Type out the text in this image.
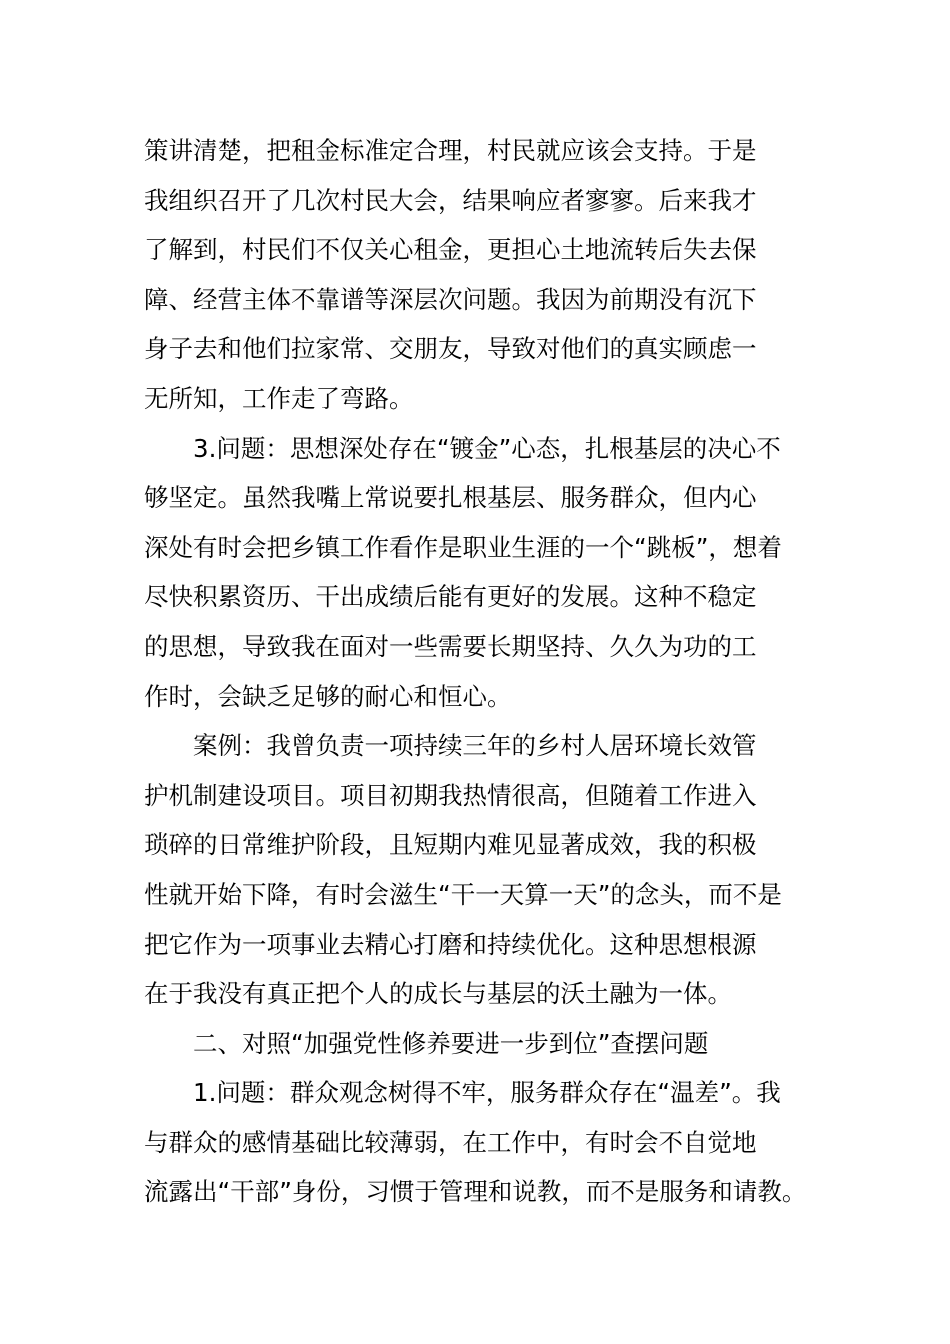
策讲清楚，把租金标准定合理，村民就应该会支持。于是
我组织召开了几次村民大会，结果响应者寥寥。后来我才
了解到，村民们不仅关心租金，更担心土地流转后失去保
障、经营主体不靠谱等深层次问题。我因为前期没有沉下
身子去和他们拉家常、交朋友，导致对他们的真实顾虑一
无所知，工作走了弯路。
3.问题：思想深处存在“镀金”心态，扎根基层的决心不
够坚定。虽然我嘴上常说要扎根基层、服务群众，但内心
深处有时会把乡镇工作看作是职业生涯的一个“跳板”，想着
尽快积累资历、干出成绩后能有更好的发展。这种不稳定
的思想，导致我在面对一些需要长期坚持、久久为功的工
作时，会缺乏足够的耐心和恒心。
案例：我曾负责一项持续三年的乡村人居环境长效管
护机制建设项目。项目初期我热情很高，但随着工作进入
琐碎的日常维护阶段，且短期内难见显著成效，我的积极
性就开始下降，有时会滋生“干一天算一天”的念头，而不是
把它作为一项事业去精心打磨和持续优化。这种思想根源
在于我没有真正把个人的成长与基层的沃土融为一体。
二、对照“加强党性修养要进一步到位”查摆问题
1.问题：群众观念树得不牢，服务群众存在“温差”。我
与群众的感情基础比较薄弱，在工作中，有时会不自觉地
流露出“干部”身份，习惯于管理和说教，而不是服务和请教。
